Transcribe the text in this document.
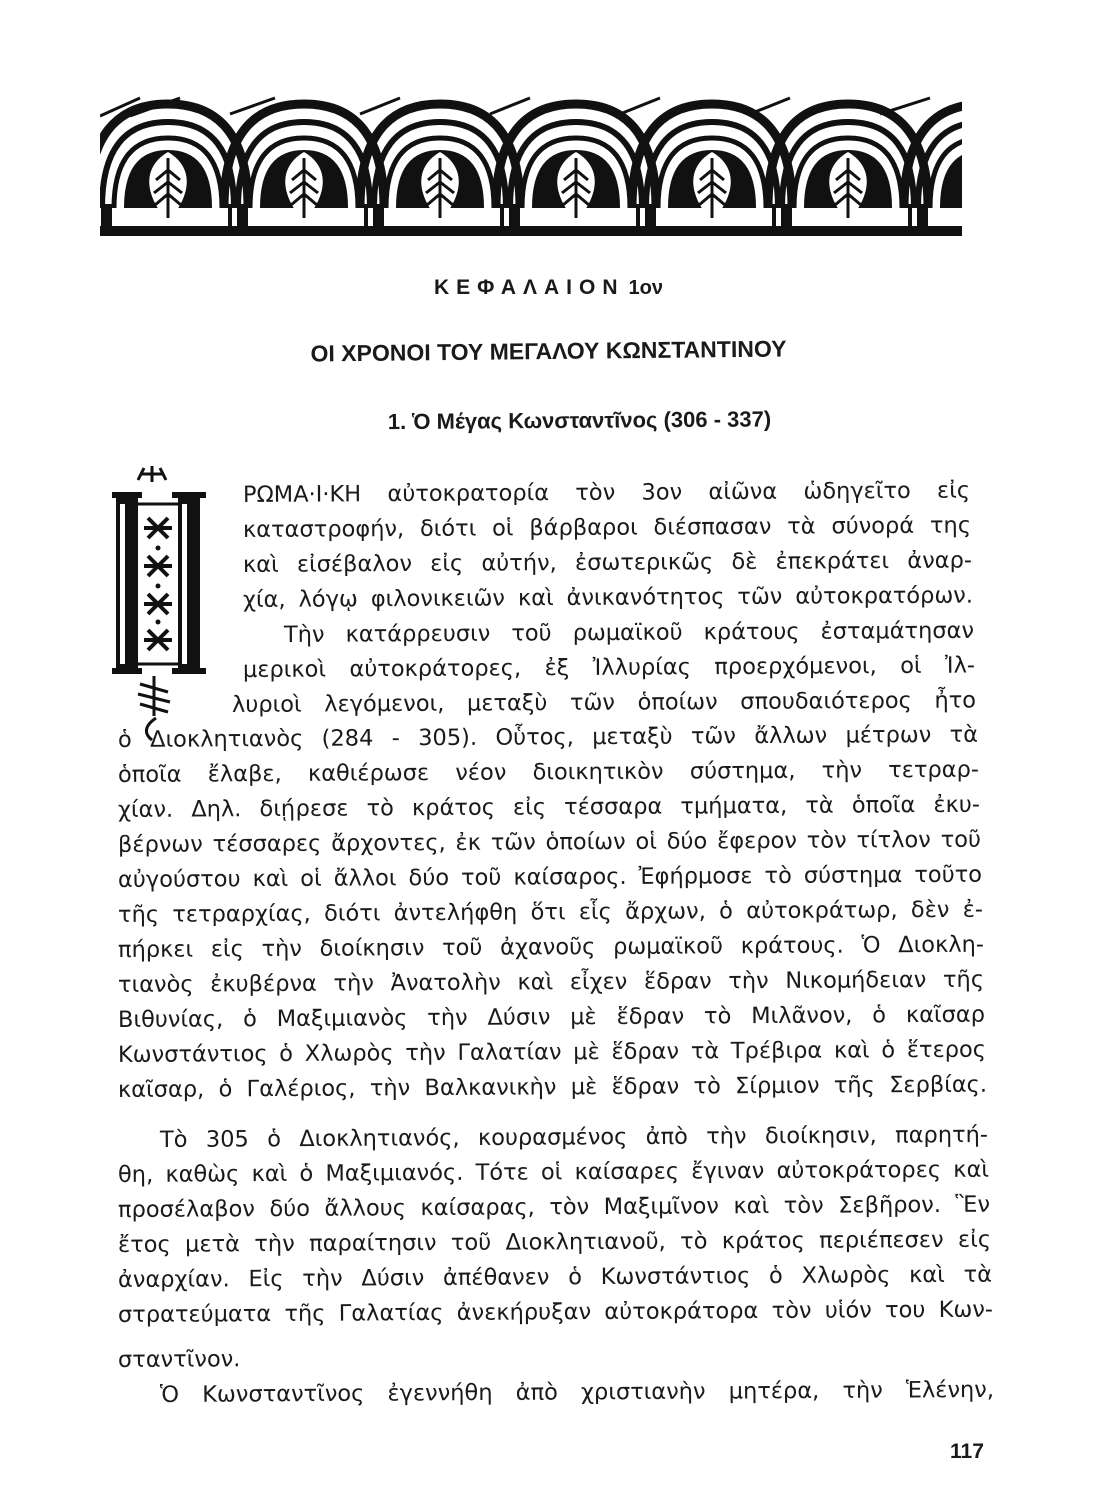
ΚΕΦΑΛΑΙΟΝ 1ον
ΟΙ ΧΡΟΝΟΙ ΤΟΥ ΜΕΓΑΛΟΥ ΚΩΝΣΤΑΝΤΙΝΟΥ
1. Ὁ Μέγας Κωνσταντῖνος (306 - 337)
ΡΩΜΑ·Ι·ΚΗ αὐτοκρατορία τὸν 3ον αἰῶνα ὡδηγεῖτο εἰς
καταστροφήν, διότι οἱ βάρβαροι διέσπασαν τὰ σύνορά της
καὶ εἰσέβαλον εἰς αὐτήν, ἐσωτερικῶς δὲ ἐπεκράτει ἀναρ-
χία, λόγῳ φιλονικειῶν καὶ ἀνικανότητος τῶν αὐτοκρατόρων.
Τὴν κατάρρευσιν τοῦ ρωμαϊκοῦ κράτους ἐσταμάτησαν
μερικοὶ αὐτοκράτορες, ἐξ Ἰλλυρίας προερχόμενοι, οἱ Ἰλ-
λυριοὶ λεγόμενοι, μεταξὺ τῶν ὁποίων σπουδαιότερος ἦτο
ὁ Διοκλητιανὸς (284 - 305). Οὗτος, μεταξὺ τῶν ἄλλων μέτρων τὰ
ὁποῖα ἔλαβε, καθιέρωσε νέον διοικητικὸν σύστημα, τὴν τετραρ-
χίαν. Δηλ. διῄρεσε τὸ κράτος εἰς τέσσαρα τμήματα, τὰ ὁποῖα ἐκυ-
βέρνων τέσσαρες ἄρχοντες, ἐκ τῶν ὁποίων οἱ δύο ἔφερον τὸν τίτλον τοῦ
αὐγούστου καὶ οἱ ἄλλοι δύο τοῦ καίσαρος. Ἐφήρμοσε τὸ σύστημα τοῦτο
τῆς τετραρχίας, διότι ἀντελήφθη ὅτι εἷς ἄρχων, ὁ αὐτοκράτωρ, δὲν ἐ-
πήρκει εἰς τὴν διοίκησιν τοῦ ἀχανοῦς ρωμαϊκοῦ κράτους. Ὁ Διοκλη-
τιανὸς ἐκυβέρνα τὴν Ἀνατολὴν καὶ εἶχεν ἕδραν τὴν Νικομήδειαν τῆς
Βιθυνίας, ὁ Μαξιμιανὸς τὴν Δύσιν μὲ ἕδραν τὸ Μιλᾶνον, ὁ καῖσαρ
Κωνστάντιος ὁ Χλωρὸς τὴν Γαλατίαν μὲ ἕδραν τὰ Τρέβιρα καὶ ὁ ἕτερος
καῖσαρ, ὁ Γαλέριος, τὴν Βαλκανικὴν μὲ ἕδραν τὸ Σίρμιον τῆς Σερβίας.
Τὸ 305 ὁ Διοκλητιανός, κουρασμένος ἀπὸ τὴν διοίκησιν, παρητή-
θη, καθὼς καὶ ὁ Μαξιμιανός. Τότε οἱ καίσαρες ἔγιναν αὐτοκράτορες καὶ
προσέλαβον δύο ἄλλους καίσαρας, τὸν Μαξιμῖνον καὶ τὸν Σεβῆρον. Ἓν
ἔτος μετὰ τὴν παραίτησιν τοῦ Διοκλητιανοῦ, τὸ κράτος περιέπεσεν εἰς
ἀναρχίαν. Εἰς τὴν Δύσιν ἀπέθανεν ὁ Κωνστάντιος ὁ Χλωρὸς καὶ τὰ
στρατεύματα τῆς Γαλατίας ἀνεκήρυξαν αὐτοκράτορα τὸν υἱόν του Κων-
σταντῖνον.
Ὁ Κωνσταντῖνος ἐγεννήθη ἀπὸ χριστιανὴν μητέρα, τὴν Ἑλένην,
117
